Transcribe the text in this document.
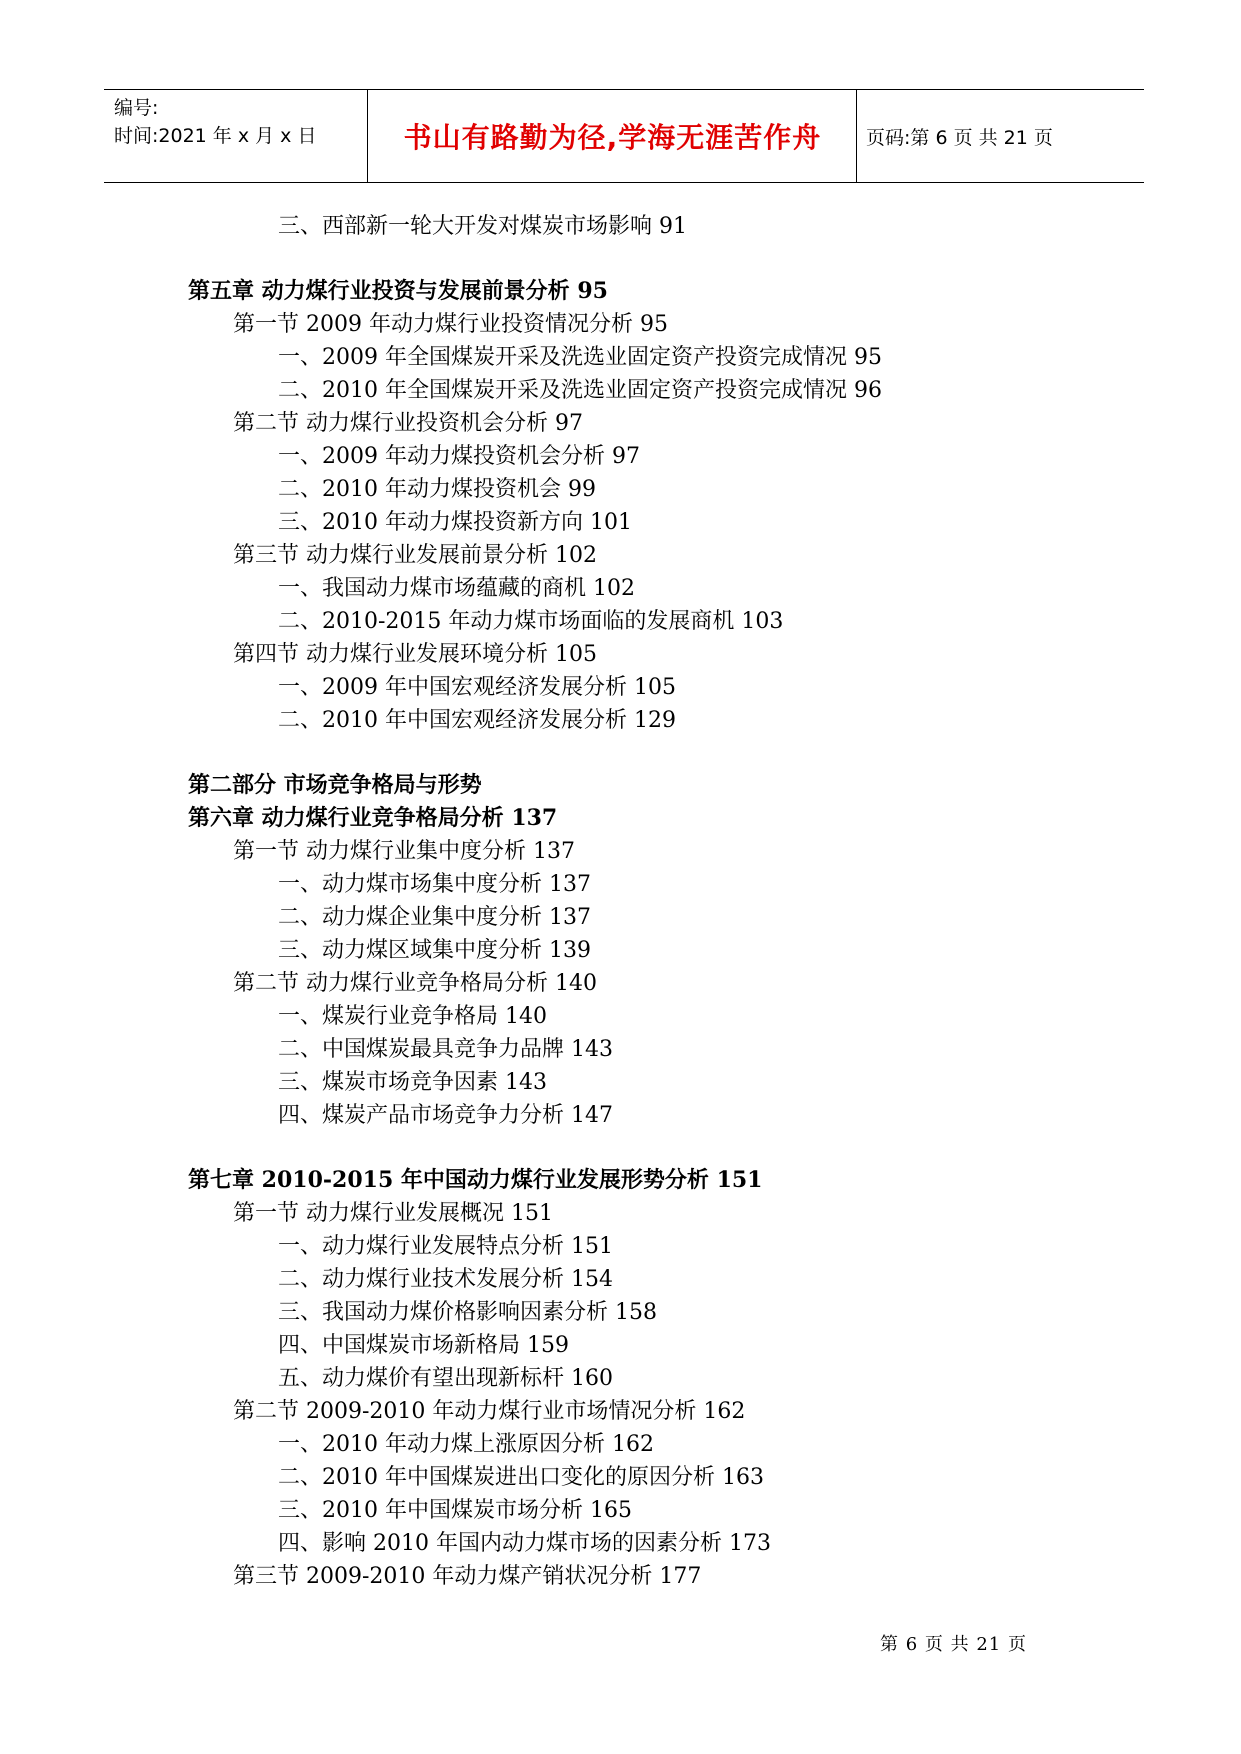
编号:
时间:2021 年 x 月 x 日	书山有路勤为径,学海无涯苦作舟	页码:第 6 页 共 21 页
三、西部新一轮大开发对煤炭市场影响 91
第五章 动力煤行业投资与发展前景分析 95
第一节 2009 年动力煤行业投资情况分析 95
一、2009 年全国煤炭开采及洗选业固定资产投资完成情况 95
二、2010 年全国煤炭开采及洗选业固定资产投资完成情况 96
第二节 动力煤行业投资机会分析 97
一、2009 年动力煤投资机会分析 97
二、2010 年动力煤投资机会 99
三、2010 年动力煤投资新方向 101
第三节 动力煤行业发展前景分析 102
一、我国动力煤市场蕴藏的商机 102
二、2010-2015 年动力煤市场面临的发展商机 103
第四节 动力煤行业发展环境分析 105
一、2009 年中国宏观经济发展分析 105
二、2010 年中国宏观经济发展分析 129
第二部分 市场竞争格局与形势
第六章 动力煤行业竞争格局分析 137
第一节 动力煤行业集中度分析 137
一、动力煤市场集中度分析 137
二、动力煤企业集中度分析 137
三、动力煤区域集中度分析 139
第二节 动力煤行业竞争格局分析 140
一、煤炭行业竞争格局 140
二、中国煤炭最具竞争力品牌 143
三、煤炭市场竞争因素 143
四、煤炭产品市场竞争力分析 147
第七章 2010-2015 年中国动力煤行业发展形势分析 151
第一节 动力煤行业发展概况 151
一、动力煤行业发展特点分析 151
二、动力煤行业技术发展分析 154
三、我国动力煤价格影响因素分析 158
四、中国煤炭市场新格局 159
五、动力煤价有望出现新标杆 160
第二节 2009-2010 年动力煤行业市场情况分析 162
一、2010 年动力煤上涨原因分析 162
二、2010 年中国煤炭进出口变化的原因分析 163
三、2010 年中国煤炭市场分析 165
四、影响 2010 年国内动力煤市场的因素分析 173
第三节 2009-2010 年动力煤产销状况分析 177
第 6 页 共 21 页
